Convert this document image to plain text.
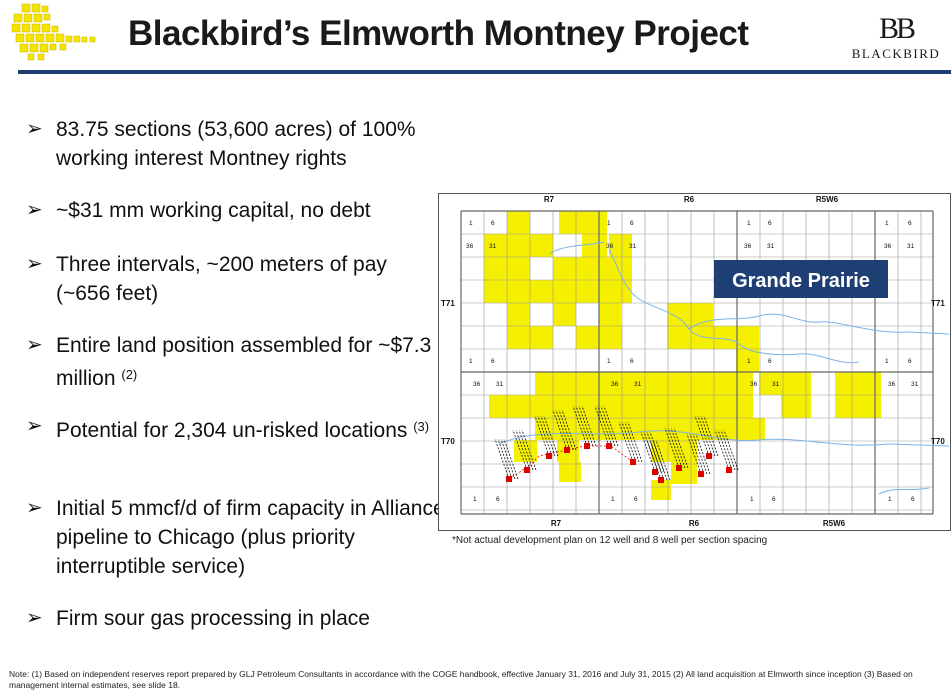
Blackbird’s Elmworth Montney Project	BB
BLACKBIRD
➢ 83.75 sections (53,600 acres) of 100% working interest Montney rights
➢ ~$31 mm working capital, no debt
➢ Three intervals, ~200 meters of pay (~656 feet)
➢ Entire land position assembled for ~$7.3 million $^{(2)}$
➢ Potential for 2,304 un-risked locations $^{(3)}$
➢ Initial 5 mmcf/d of firm capacity in Alliance pipeline to Chicago (plus priority interruptible service)
➢ Firm sour gas processing in place
R7	R6	R5W6
R7	R6	R5W6
T71	T71
T70	T70
1	6
36 31
1	6
36 31
1	6
36 31
1	6
36 31
1	6	1	6	1	6	1	6
36 31	36 31	36 31	36 31
1	6	1	6	1	6	1	6
Grande Prairie
*Not actual development plan on 12 well and 8 well per section spacing
Note: (1) Based on independent reserves report prepared by GLJ Petroleum Consultants in accordance with the COGE handbook, effective January 31, 2016 and July 31, 2015 (2) All land acquisition at Elmworth since inception (3) Based on management internal estimates, see slide 18.
